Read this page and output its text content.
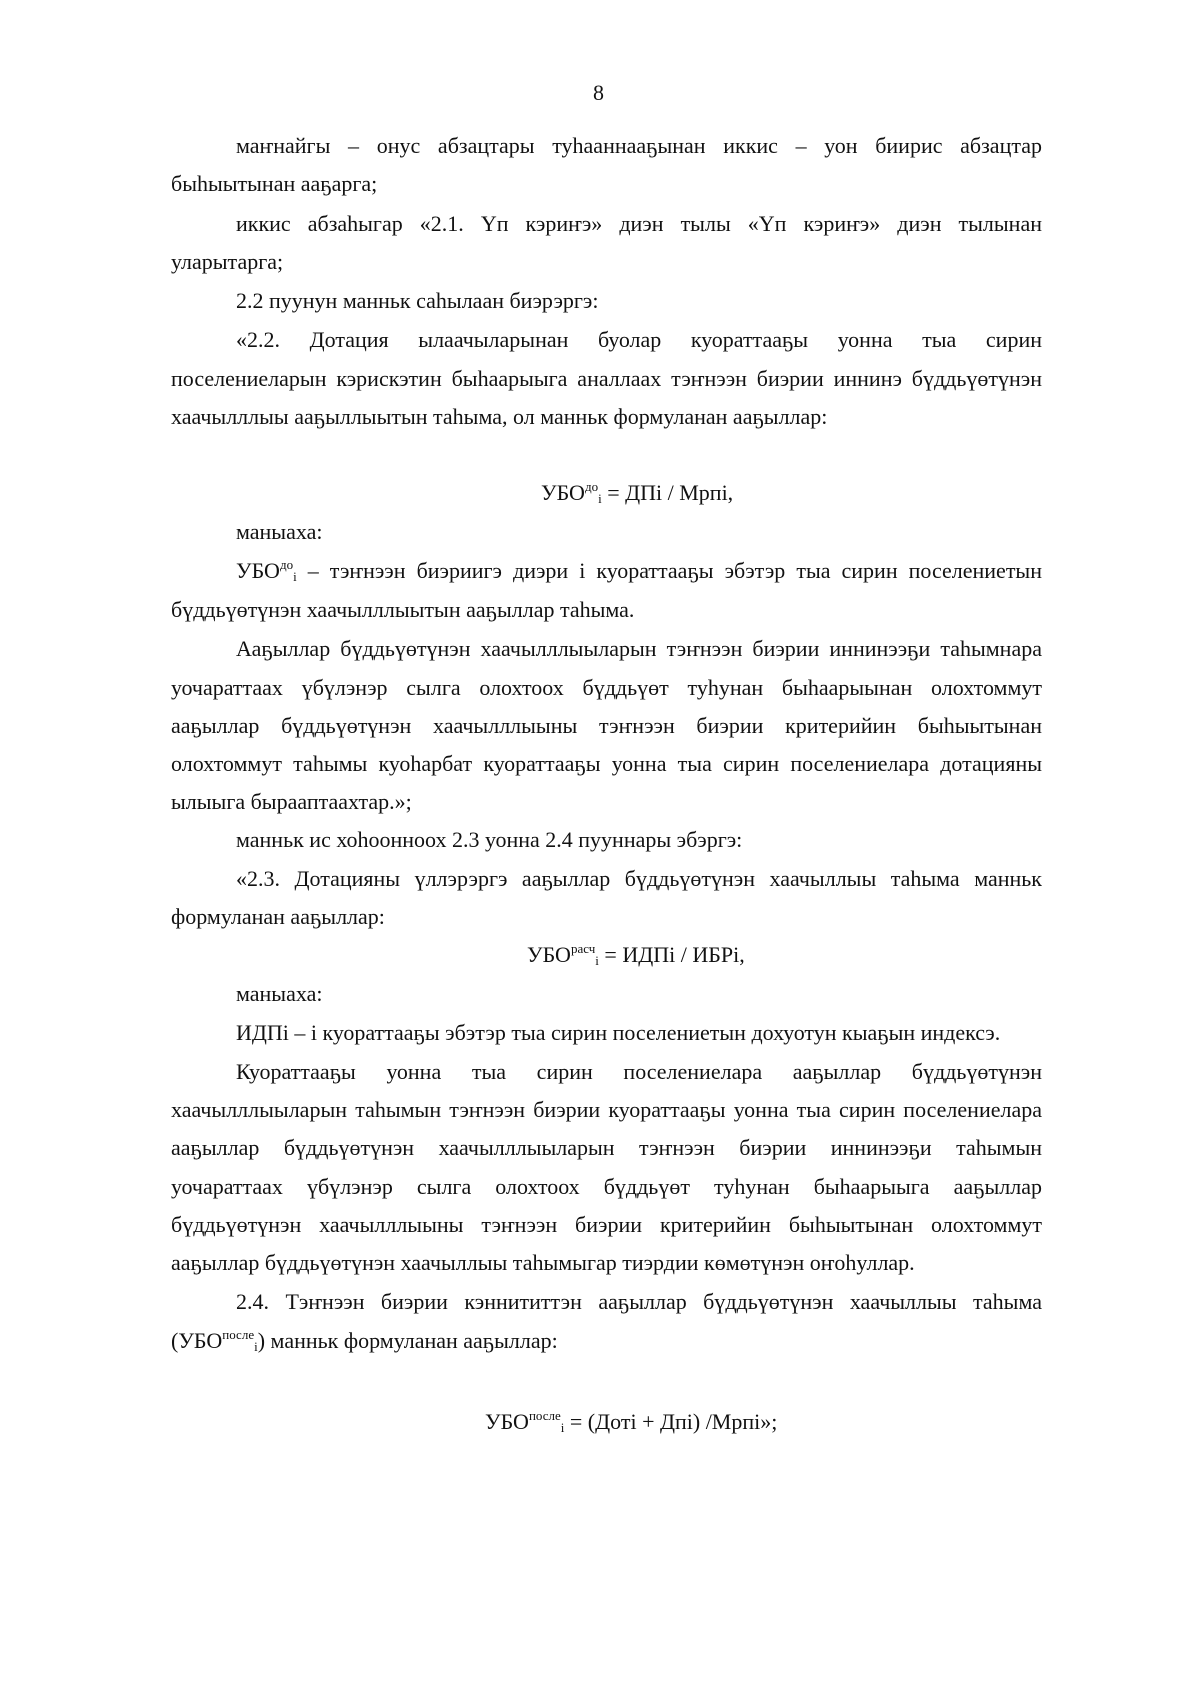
8
маҥнайгы – онус абзацтары туһааннааҕынан иккис – уон биирис абзацтар
быһыытынан ааҕарга;
иккис абзаһыгар «2.1. Үп кэриҥэ» диэн тылы «Үп кэриҥэ» диэн тылынан
уларытарга;
2.2 пуунун манньк саһылаан биэрэргэ:
«2.2. Дотация ылаачыларынан буолар куораттааҕы уонна тыа сирин
поселениеларын кэрискэтин быһаарыыга аналлаах тэҥнээн биэрии иннинэ бүддьүөтүнэн
хаачылллыы ааҕыллыытын таһыма, ол манньк формуланан ааҕыллар:
$УБО^{до}_i$ = ДПi / Мрпi,
маныаха:
$УБО^{до}_i$ – тэҥнээн биэриигэ диэри i куораттааҕы эбэтэр тыа сирин поселениетын
бүддьүөтүнэн хаачылллыытын ааҕыллар таһыма.
Ааҕыллар бүддьүөтүнэн хаачылллыыларын тэҥнээн биэрии иннинээҕи таһымнара
уочараттаах үбүлэнэр сылга олохтоох бүддьүөт туһунан быһаарыынан олохтоммут
ааҕыллар бүддьүөтүнэн хаачылллыыны тэҥнээн биэрии критерийин быһыытынан
олохтоммут таһымы куоһарбат куораттааҕы уонна тыа сирин поселениелара дотацияны
ылыыга бырааптаахтар.»;
манньк ис хоһоонноох 2.3 уонна 2.4 пууннары эбэргэ:
«2.3. Дотацияны үллэрэргэ ааҕыллар бүддьүөтүнэн хаачыллыы таһыма манньк
формуланан ааҕыллар:
$УБО^{расч}_i$ = ИДПi / ИБРi,
маныаха:
ИДПi – i куораттааҕы эбэтэр тыа сирин поселениетын дохуотун кыаҕын индексэ.
Куораттааҕы уонна тыа сирин поселениелара ааҕыллар бүддьүөтүнэн
хаачылллыыларын таһымын тэҥнээн биэрии куораттааҕы уонна тыа сирин поселениелара
ааҕыллар бүддьүөтүнэн хаачылллыыларын тэҥнээн биэрии иннинээҕи таһымын
уочараттаах үбүлэнэр сылга олохтоох бүддьүөт туһунан быһаарыыга ааҕыллар
бүддьүөтүнэн хаачылллыыны тэҥнээн биэрии критерийин быһыытынан олохтоммут
ааҕыллар бүддьүөтүнэн хаачыллыы таһымыгар тиэрдии көмөтүнэн оҥоһуллар.
2.4. Тэҥнээн биэрии кэннититтэн ааҕыллар бүддьүөтүнэн хаачыллыы таһыма
$(УБО^{после}_i)$ манньк формуланан ааҕыллар:
$УБО^{после}_i$ = (Дотi + Дпi) /Мрпi»;
